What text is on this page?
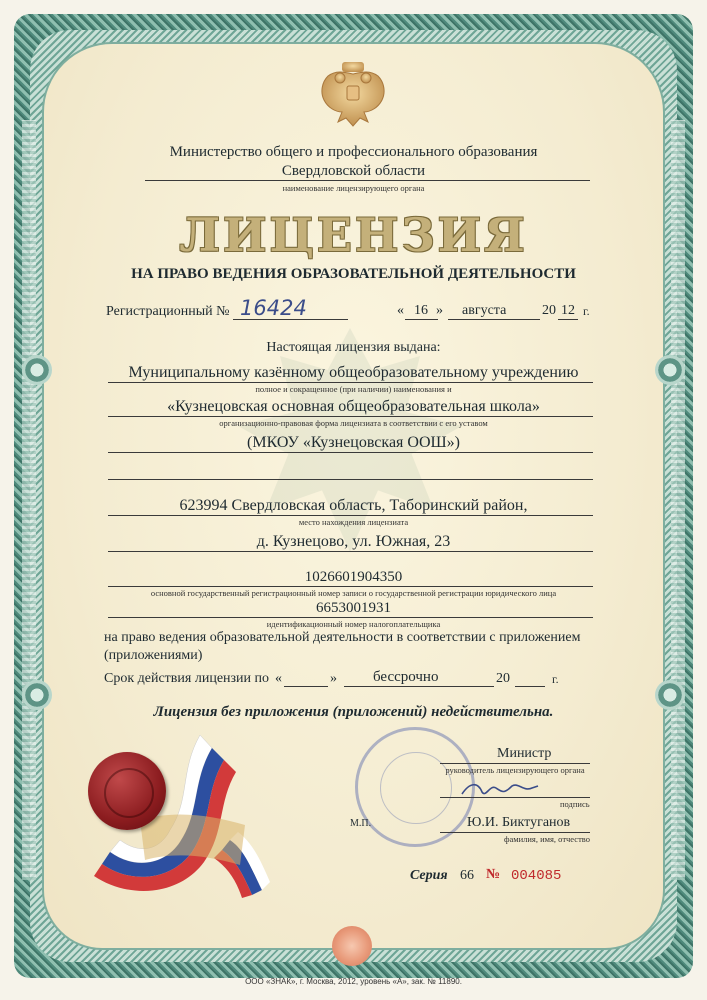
Министерство общего и профессионального образования
Свердловской области
наименование лицензирующего органа
ЛИЦЕНЗИЯ
НА ПРАВО ВЕДЕНИЯ ОБРАЗОВАТЕЛЬНОЙ ДЕЯТЕЛЬНОСТИ
Регистрационный № 16424	« 16 » августа	20 12 г.
Настоящая лицензия выдана:
Муниципальному казённому общеобразовательному учреждению
полное и сокращенное (при наличии) наименования и
«Кузнецовская основная общеобразовательная школа»
организационно-правовая форма лицензиата в соответствии с его уставом
(МКОУ «Кузнецовская ООШ»)
623994 Свердловская область, Таборинский район,
место нахождения лицензиата
д. Кузнецово, ул. Южная, 23
1026601904350
основной государственный регистрационный номер записи о государственной регистрации юридического лица
6653001931
идентификационный номер налогоплательщика
на право ведения образовательной деятельности в соответствии с приложением
(приложениями)
Срок действия лицензии по «	» бессрочно	20	г.
Лицензия без приложения (приложений) недействительна.
Министр
руководитель лицензирующего органа
подпись
М.П.	Ю.И. Биктуганов
фамилия, имя, отчество
Серия 66 № 004085
ООО «ЗНАК», г. Москва, 2012, уровень «А», зак. № 11890.
